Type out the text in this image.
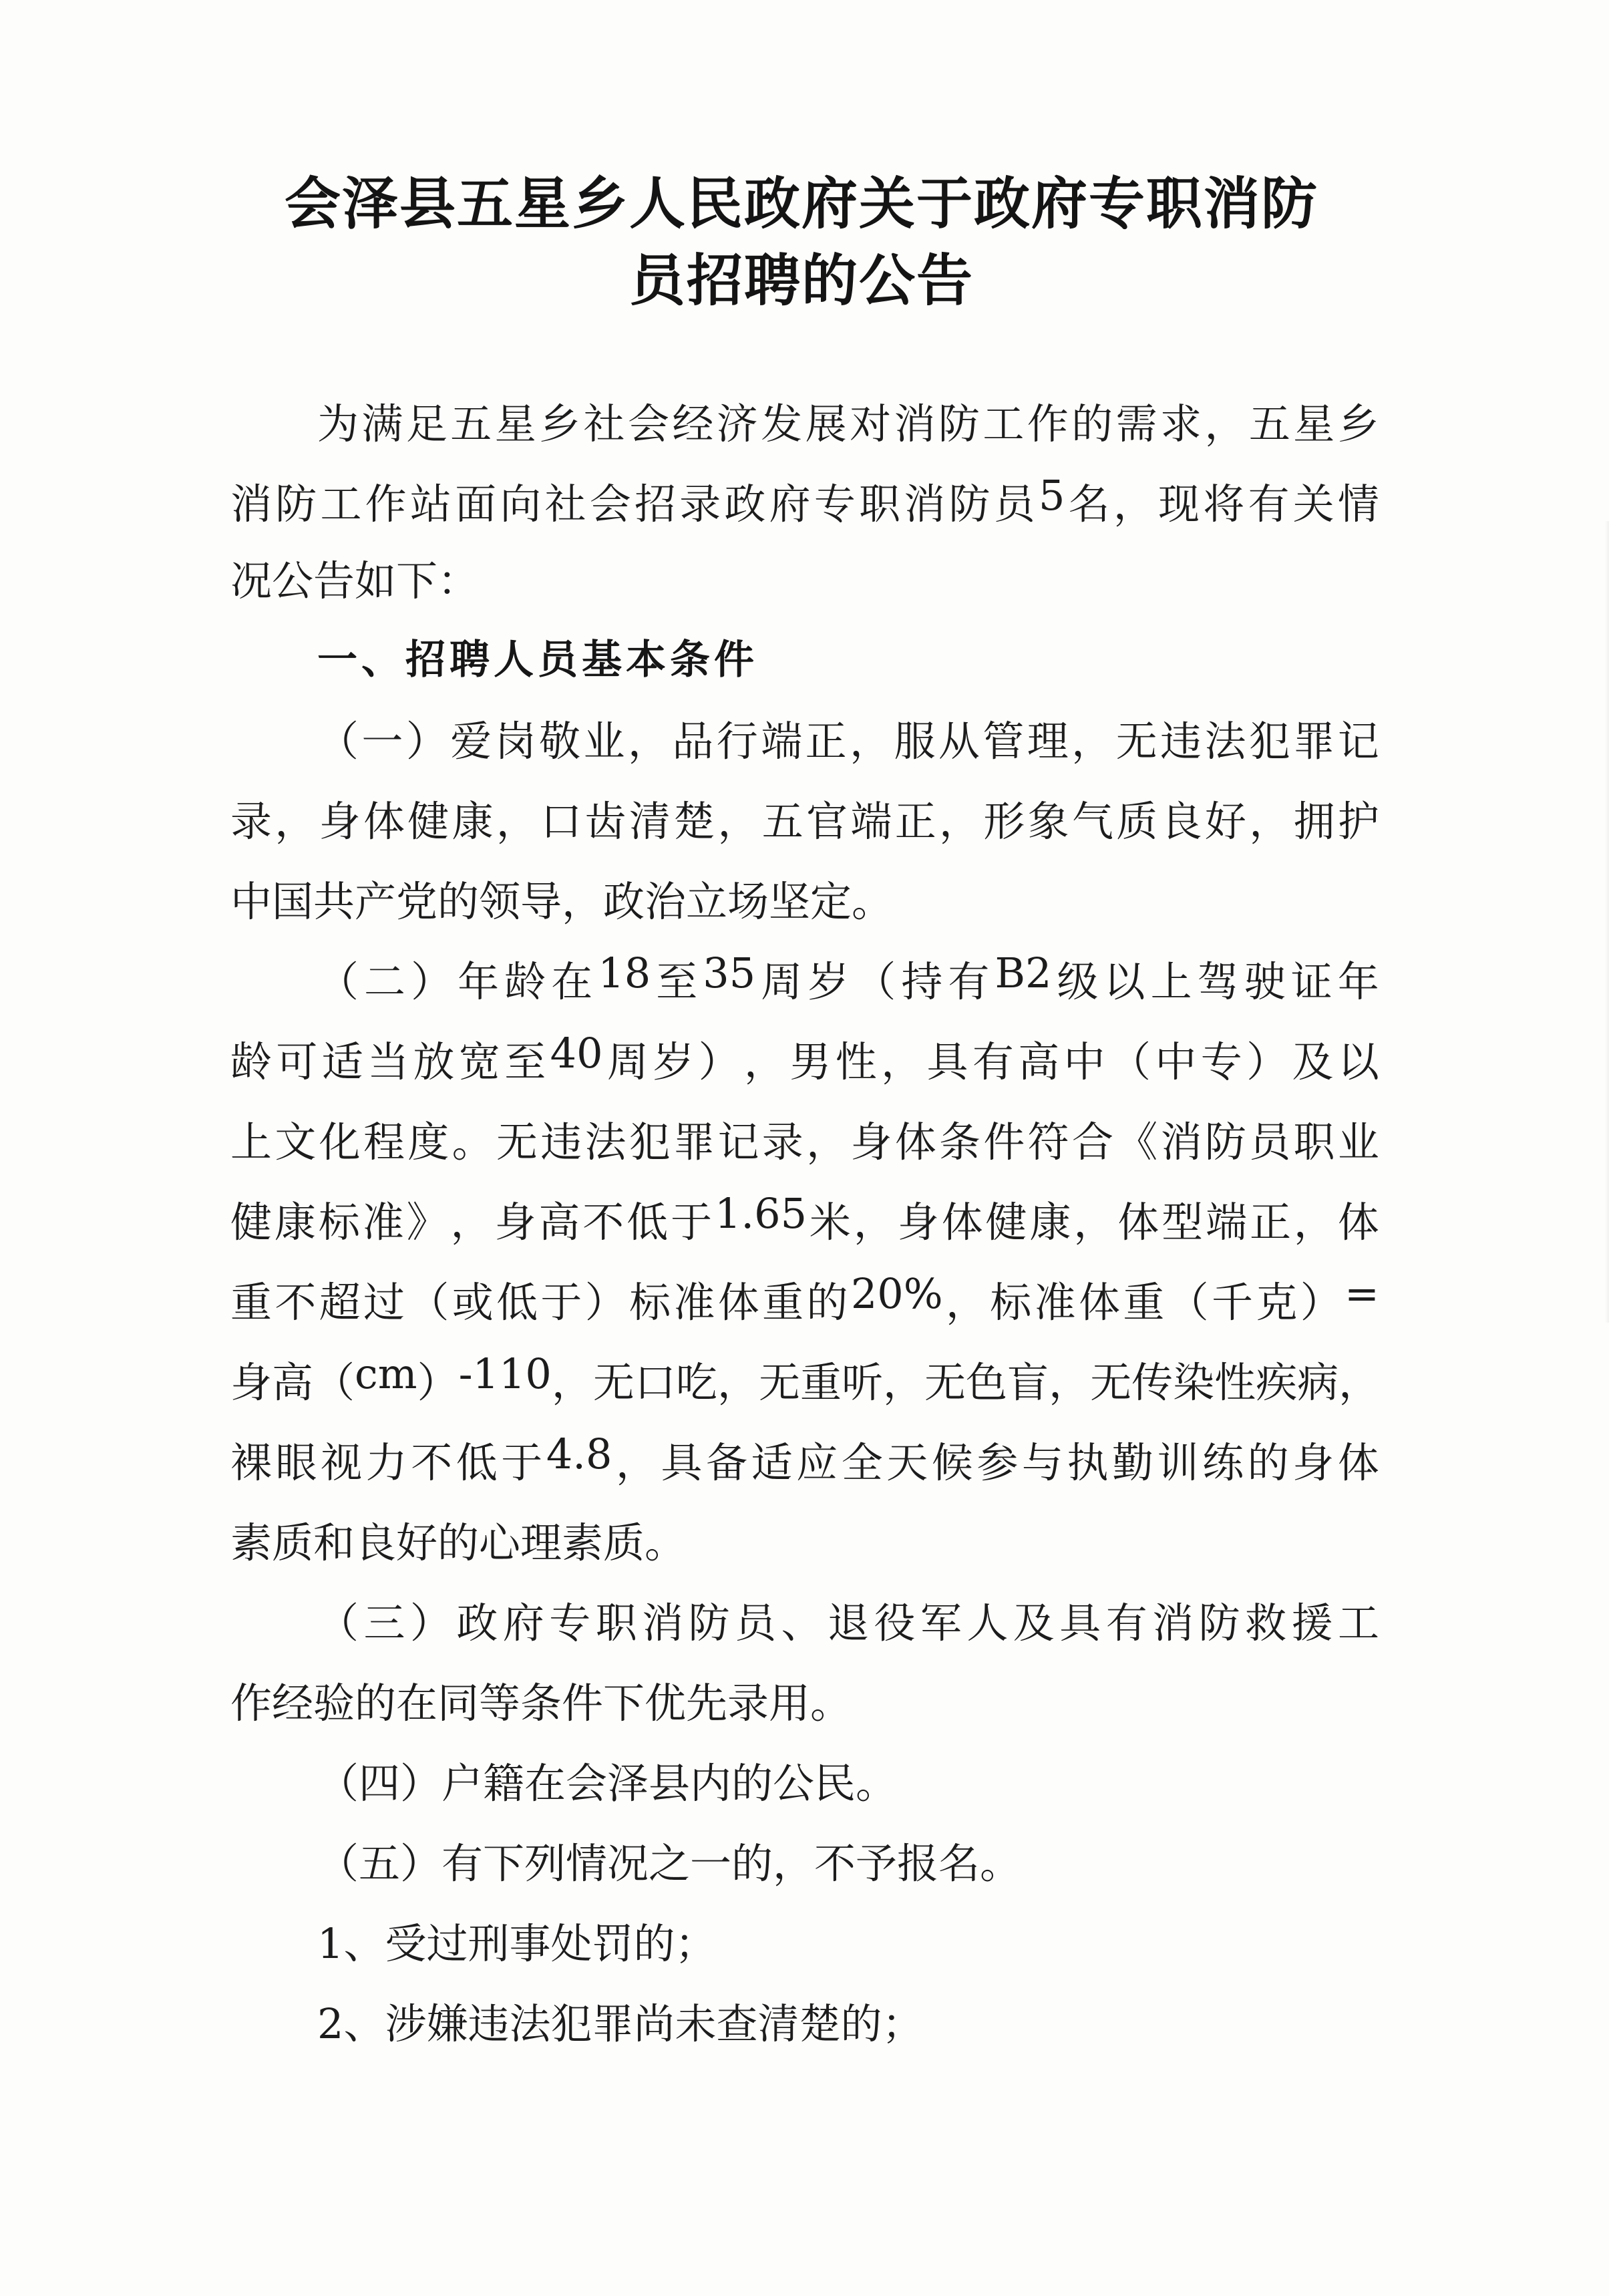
会泽县五星乡人民政府关于政府专职消防
员招聘的公告
为 满 足 五 星 乡 社 会 经 济 发 展 对 消 防 工 作 的 需 求 ， 五 星 乡
消 防 工 作 站 面 向 社 会 招 录 政 府 专 职 消 防 员 5 名 ， 现 将 有 关 情
况公告如下：
一、招聘人员基本条件
（ 一 ） 爱 岗 敬 业 ， 品 行 端 正 ， 服 从 管 理 ， 无 违 法 犯 罪 记
录 ， 身 体 健 康 ， 口 齿 清 楚 ， 五 官 端 正 ， 形 象 气 质 良 好 ， 拥 护
中国共产党的领导，政治立场坚定。
（ 二 ） 年 龄 在 18 至 35 周 岁 （ 持 有 B2 级 以 上 驾 驶 证 年
龄 可 适 当 放 宽 至 40 周 岁 ） ， 男 性 ， 具 有 高 中 （ 中 专 ） 及 以
上 文 化 程 度 。 无 违 法 犯 罪 记 录 ， 身 体 条 件 符 合 《 消 防 员 职 业
健 康 标 准 》 ， 身 高 不 低 于 1.65 米 ， 身 体 健 康 ， 体 型 端 正 ， 体
重 不 超 过 （ 或 低 于 ） 标 准 体 重 的 20% ， 标 准 体 重 （ 千 克 ） =
身 高 （ cm ） -110 ， 无 口 吃 ， 无 重 听 ， 无 色 盲 ， 无 传 染 性 疾 病 ，
裸 眼 视 力 不 低 于 4.8 ， 具 备 适 应 全 天 候 参 与 执 勤 训 练 的 身 体
素质和良好的心理素质。
（ 三 ） 政 府 专 职 消 防 员 、 退 役 军 人 及 具 有 消 防 救 援 工
作经验的在同等条件下优先录用。
（四）户籍在会泽县内的公民。
（五）有下列情况之一的，不予报名。
1、受过刑事处罚的；
2、涉嫌违法犯罪尚未查清楚的；
